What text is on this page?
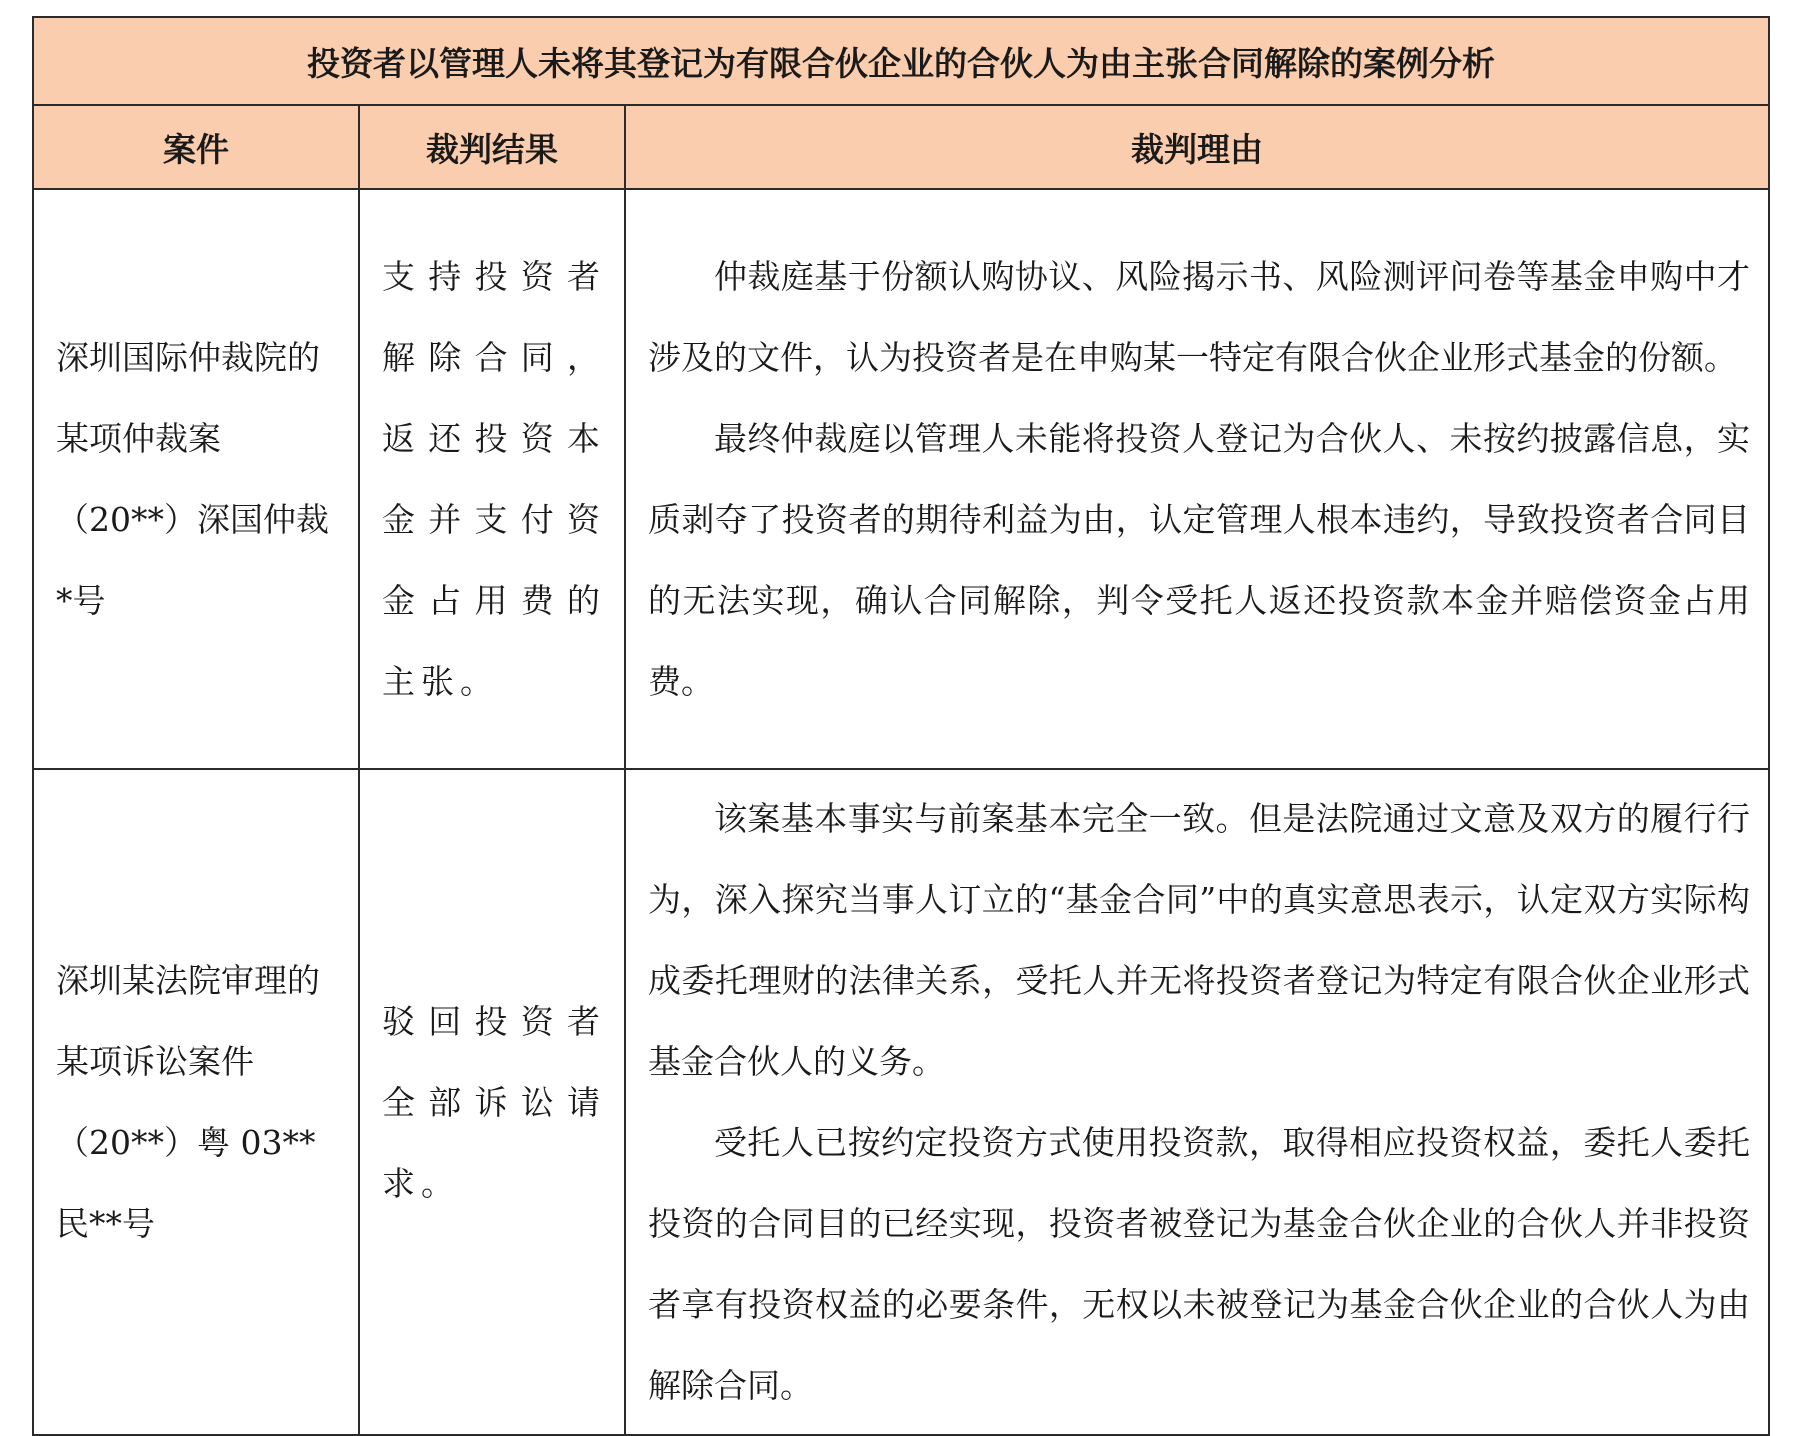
投资者以管理人未将其登记为有限合伙企业的合伙人为由主张合同解除的案例分析		
案件	裁判结果	裁判理由
深圳国际仲裁院的某项仲裁案（20**）深国仲裁*号	支持投资者解除合同，返还投资本金并支付资金占用费的主张。	仲裁庭基于份额认购协议、风险揭示书、风险测评问卷等基金申购中才涉及的文件，认为投资者是在申购某一特定有限合伙企业形式基金的份额。

最终仲裁庭以管理人未能将投资人登记为合伙人、未按约披露信息，实质剥夺了投资者的期待利益为由，认定管理人根本违约，导致投资者合同目的无法实现，确认合同解除，判令受托人返还投资款本金并赔偿资金占用费。

深圳某法院审理的某项诉讼案件（20**）粤 03**民**号	驳回投资者全部诉讼请求。	该案基本事实与前案基本完全一致。但是法院通过文意及双方的履行行为，深入探究当事人订立的“基金合同”中的真实意思表示，认定双方实际构成委托理财的法律关系，受托人并无将投资者登记为特定有限合伙企业形式基金合伙人的义务。

受托人已按约定投资方式使用投资款，取得相应投资权益，委托人委托投资的合同目的已经实现，投资者被登记为基金合伙企业的合伙人并非投资者享有投资权益的必要条件，无权以未被登记为基金合伙企业的合伙人为由解除合同。
